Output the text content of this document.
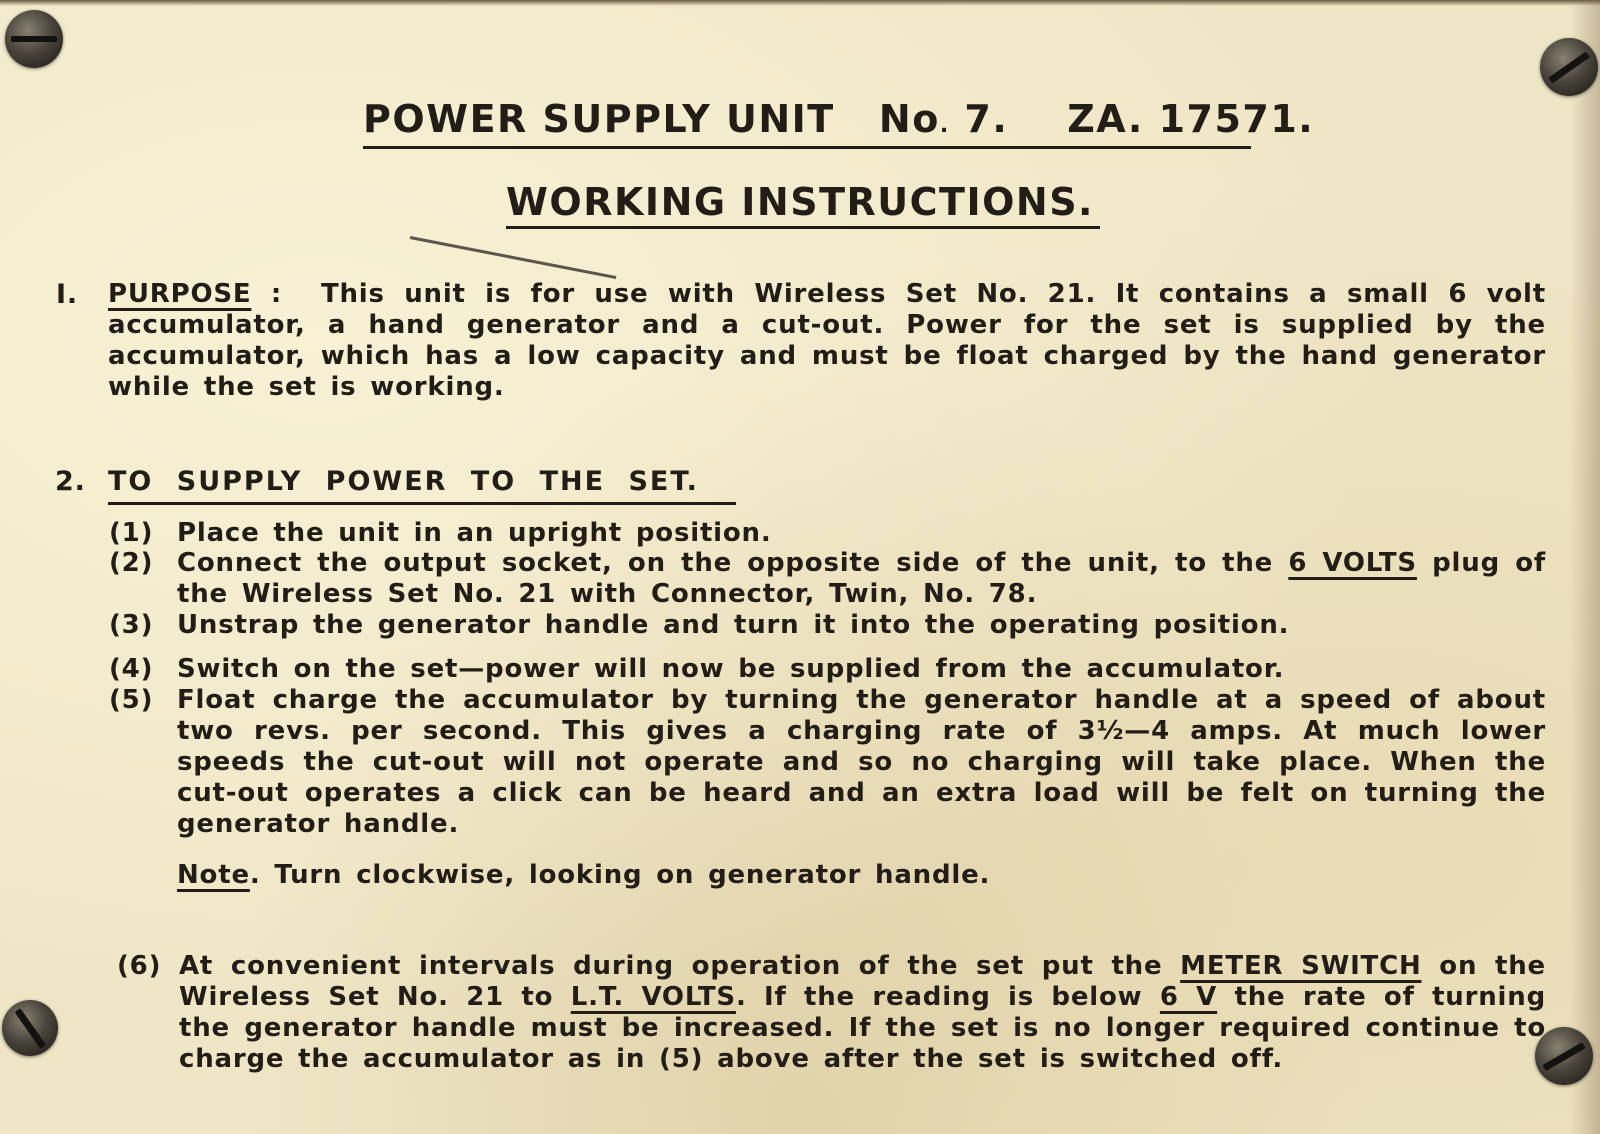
POWER SUPPLY UNIT No. 7. ZA. 17571.
WORKING INSTRUCTIONS.
I. PURPOSE : This unit is for use with Wireless Set No. 21. It contains a small 6 volt accumulator, a hand generator and a cut-out. Power for the set is supplied by the accumulator, which has a low capacity and must be float charged by the hand generator while the set is working.
2. TO SUPPLY POWER TO THE SET.
(1) Place the unit in an upright position.
(2) Connect the output socket, on the opposite side of the unit, to the 6 VOLTS plug of the Wireless Set No. 21 with Connector, Twin, No. 78.
(3) Unstrap the generator handle and turn it into the operating position.
(4) Switch on the set—power will now be supplied from the accumulator.
(5) Float charge the accumulator by turning the generator handle at a speed of about two revs. per second. This gives a charging rate of 3½—4 amps. At much lower speeds the cut-out will not operate and so no charging will take place. When the cut-out operates a click can be heard and an extra load will be felt on turning the generator handle.
Note. Turn clockwise, looking on generator handle.
(6) At convenient intervals during operation of the set put the METER SWITCH on the Wireless Set No. 21 to L.T. VOLTS. If the reading is below 6 V the rate of turning the generator handle must be increased. If the set is no longer required continue to charge the accumulator as in (5) above after the set is switched off.
